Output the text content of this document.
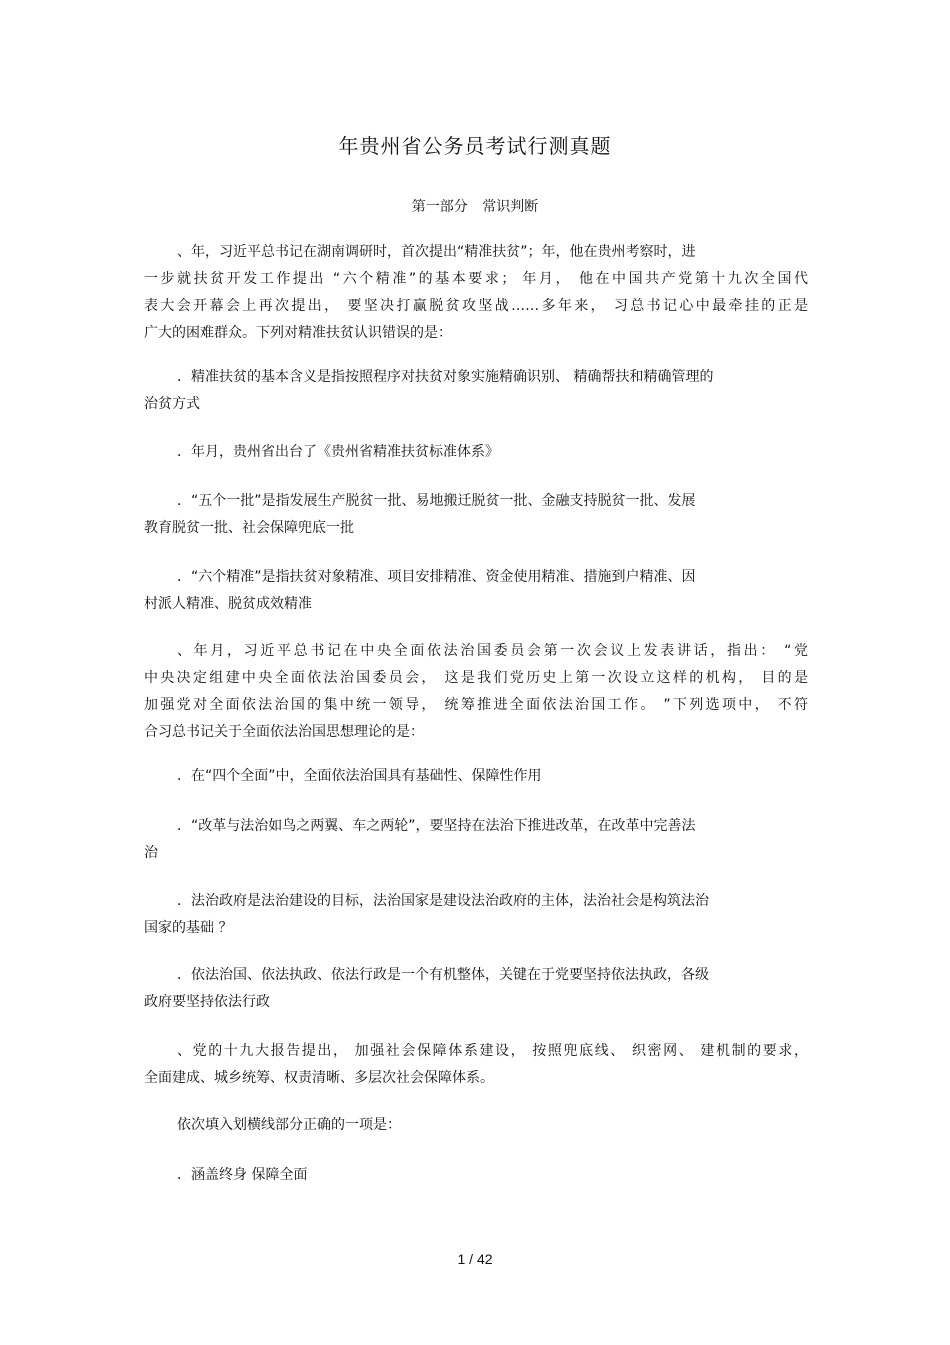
年贵州省公务员考试行测真题
第一部分 常识判断
、年，习近平总书记在湖南调研时，首次提出“精准扶贫”；年，他在贵州考察时，进
一步就扶贫开发工作提出 “六个精准”的基本要求； 年月， 他在中国共产党第十九次全国代
表大会开幕会上再次提出， 要坚决打赢脱贫攻坚战……多年来， 习总书记心中最牵挂的正是
广大的困难群众。下列对精准扶贫认识错误的是：
．精准扶贫的基本含义是指按照程序对扶贫对象实施精确识别、 精确帮扶和精确管理的
治贫方式
．年月，贵州省出台了《贵州省精准扶贫标准体系》
．“五个一批”是指发展生产脱贫一批、易地搬迁脱贫一批、金融支持脱贫一批、发展
教育脱贫一批、社会保障兜底一批
．“六个精准”是指扶贫对象精准、项目安排精准、资金使用精准、措施到户精准、因
村派人精准、脱贫成效精准
、年月，习近平总书记在中央全面依法治国委员会第一次会议上发表讲话，指出： “党
中央决定组建中央全面依法治国委员会， 这是我们党历史上第一次设立这样的机构， 目的是
加强党对全面依法治国的集中统一领导， 统筹推进全面依法治国工作。 ”下列选项中， 不符
合习总书记关于全面依法治国思想理论的是：
．在“四个全面”中，全面依法治国具有基础性、保障性作用
．“改革与法治如鸟之两翼、车之两轮”，要坚持在法治下推进改革，在改革中完善法
治
．法治政府是法治建设的目标，法治国家是建设法治政府的主体，法治社会是构筑法治
国家的基础 ？
．依法治国、依法执政、依法行政是一个有机整体，关键在于党要坚持依法执政，各级
政府要坚持依法行政
、党的十九大报告提出， 加强社会保障体系建设， 按照兜底线、 织密网、 建机制的要求，
全面建成、城乡统筹、权责清晰、多层次社会保障体系。
依次填入划横线部分正确的一项是：
．涵盖终身 保障全面
1 / 42
